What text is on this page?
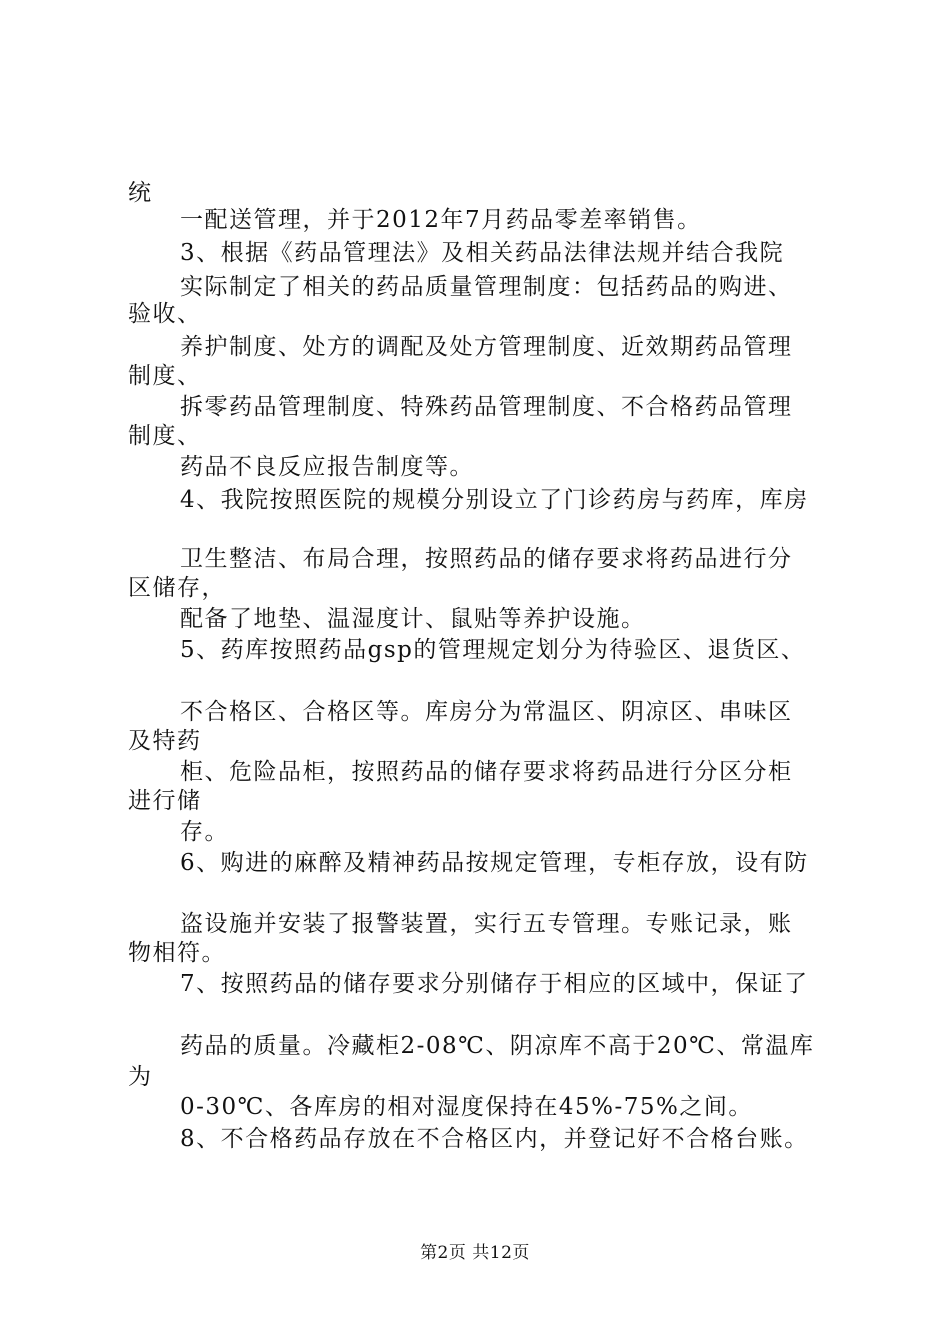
统
一配送管理，并于2012年7月药品零差率销售。
3、根据《药品管理法》及相关药品法律法规并结合我院
实际制定了相关的药品质量管理制度：包括药品的购进、
验收、
养护制度、处方的调配及处方管理制度、近效期药品管理
制度、
拆零药品管理制度、特殊药品管理制度、不合格药品管理
制度、
药品不良反应报告制度等。
4、我院按照医院的规模分别设立了门诊药房与药库，库房
卫生整洁、布局合理，按照药品的储存要求将药品进行分
区储存，
配备了地垫、温湿度计、鼠贴等养护设施。
5、药库按照药品gsp的管理规定划分为待验区、退货区、
不合格区、合格区等。库房分为常温区、阴凉区、串味区
及特药
柜、危险品柜，按照药品的储存要求将药品进行分区分柜
进行储
存。
6、购进的麻醉及精神药品按规定管理，专柜存放，设有防
盗设施并安装了报警装置，实行五专管理。专账记录，账
物相符。
7、按照药品的储存要求分别储存于相应的区域中，保证了
药品的质量。冷藏柜2-08℃、阴凉库不高于20℃、常温库
为
0-30℃、各库房的相对湿度保持在45%-75%之间。
8、不合格药品存放在不合格区内，并登记好不合格台账。
第2页 共12页
